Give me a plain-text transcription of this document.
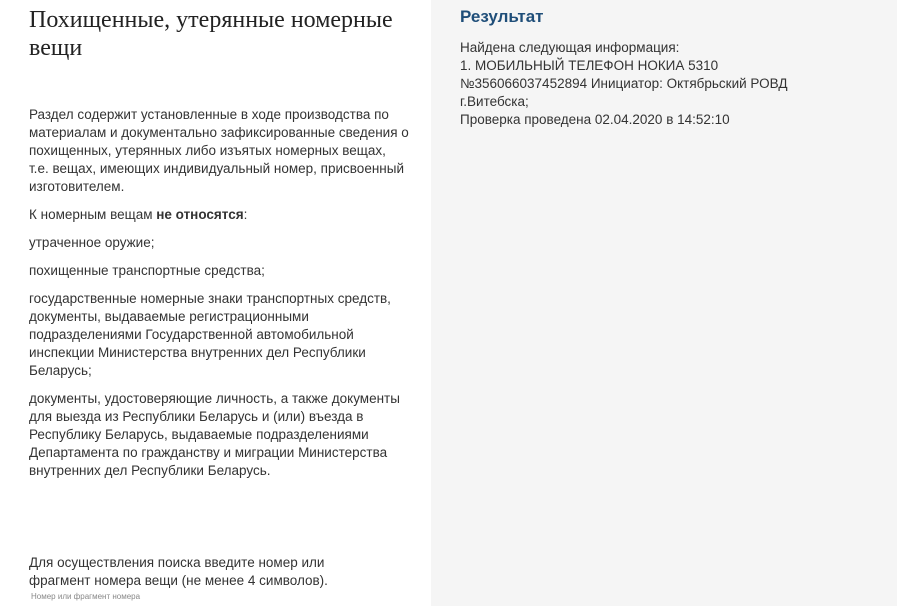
Похищенные, утерянные номерные вещи

Раздел содержит установленные в ходе производства по материалам и документально зафиксированные сведения о похищенных, утерянных либо изъятых номерных вещах, т.е. вещах, имеющих индивидуальный номер, присвоенный изготовителем.

К номерным вещам не относятся:

утраченное оружие;

похищенные транспортные средства;

государственные номерные знаки транспортных средств, документы, выдаваемые регистрационными подразделениями Государственной автомобильной инспекции Министерства внутренних дел Республики Беларусь;

документы, удостоверяющие личность, а также документы для выезда из Республики Беларусь и (или) въезда в Республику Беларусь, выдаваемые подразделениями Департамента по гражданству и миграции Министерства внутренних дел Республики Беларусь.

Для осуществления поиска введите номер или фрагмент номера вещи (не менее 4 символов).

Номер или фрагмент номера
Результат
Найдена следующая информация:
1. МОБИЛЬНЫЙ ТЕЛЕФОН НОКИА 5310
№356066037452894 Инициатор: Октябрьский РОВД
г.Витебска;
Проверка проведена 02.04.2020 в 14:52:10
